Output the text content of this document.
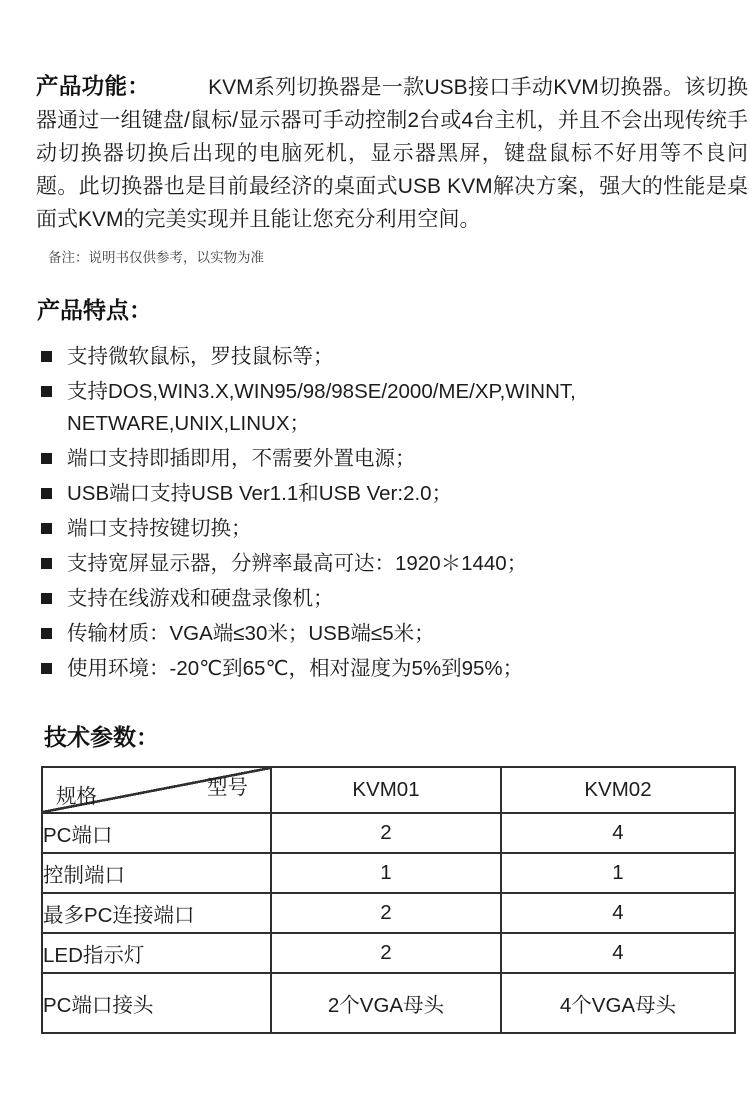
产品功能：	KVM系列切换器是一款USB接口手动KVM切换器。该切换器通过一组键盘/鼠标/显示器可手动控制2台或4台主机，并且不会出现传统手动切换器切换后出现的电脑死机，显示器黑屏，键盘鼠标不好用等不良问题。此切换器也是目前最经济的桌面式USB KVM解决方案，强大的性能是桌面式KVM的完美实现并且能让您充分利用空间。

备注：说明书仅供参考，以实物为准

产品特点：
支持微软鼠标，罗技鼠标等；
支持DOS,WIN3.X,WIN95/98/98SE/2000/ME/XP,WINNT, NETWARE,UNIX,LINUX；
端口支持即插即用，不需要外置电源；
USB端口支持USB Ver1.1和USB Ver:2.0；
端口支持按键切换；
支持宽屏显示器，分辨率最高可达：1920＊1440；
支持在线游戏和硬盘录像机；
传输材质：VGA端≤30米；USB端≤5米；
使用环境：-20℃到65℃，相对湿度为5%到95%；
技术参数：
型号
规格	KVM01	KVM02
PC端口	2	4
控制端口	1	1
最多PC连接端口	2	4
LED指示灯	2	4
PC端口接头	2个VGA母头	4个VGA母头
